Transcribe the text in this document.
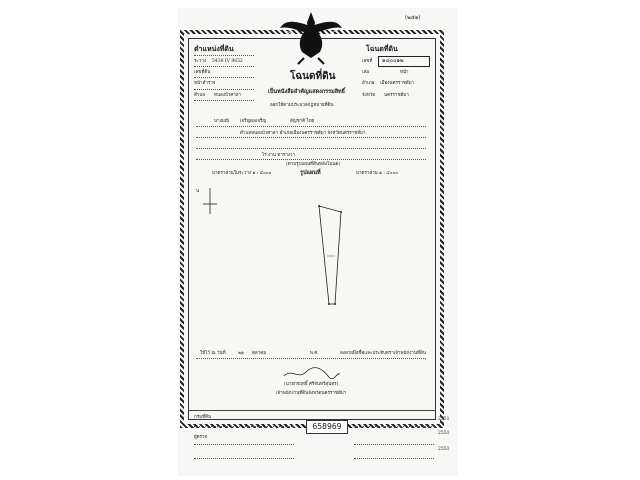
(๒๕๑)
ตำแหน่งที่ดิน
ระวาง 5438 IV 9652
เลขที่ดิน
หน้าสำรวจ
ตำบล หนองบัวศาลา
โฉนดที่ดิน
เลขที่ ๑๘๐๐๑๒
เล่ม	หน้า
อำเภอ เมืองนครราชสีมา
จังหวัด นครราชสีมา
โฉนดที่ดิน
เป็นหนังสือสำคัญแสดงกรรมสิทธิ์
ออกให้ตามประมวลกฎหมายที่ดิน
นางมณี เจริญผลเจริญ	สัญชาติ ไทย
ตำบลหนองบัวศาลา อำเภอเมืองนครราชสีมา จังหวัดนครราชสีมา
ไร่ งาน ตารางวา
(ตามรูปแผนที่ดินหลังโฉนด)
มาตราส่วนในระวาง ๑ : ๔๐๐๐	รูปแผนที่	มาตราส่วน ๑ : ๔๐๐๐
น
ให้ไว้ ณ วันที่	๒๑ ตุลาคม	พ.ศ.	ลงลายมือชื่อและประทับตราเจ้าพนักงานที่ดิน
(นายกรฤทธิ์ ศรีจันทร์สุนทร)
เจ้าพนักงานที่ดินจังหวัดนครราชสีมา
กรมที่ดิน
ผู้ตรวจ
2551
2551
2551
658969
